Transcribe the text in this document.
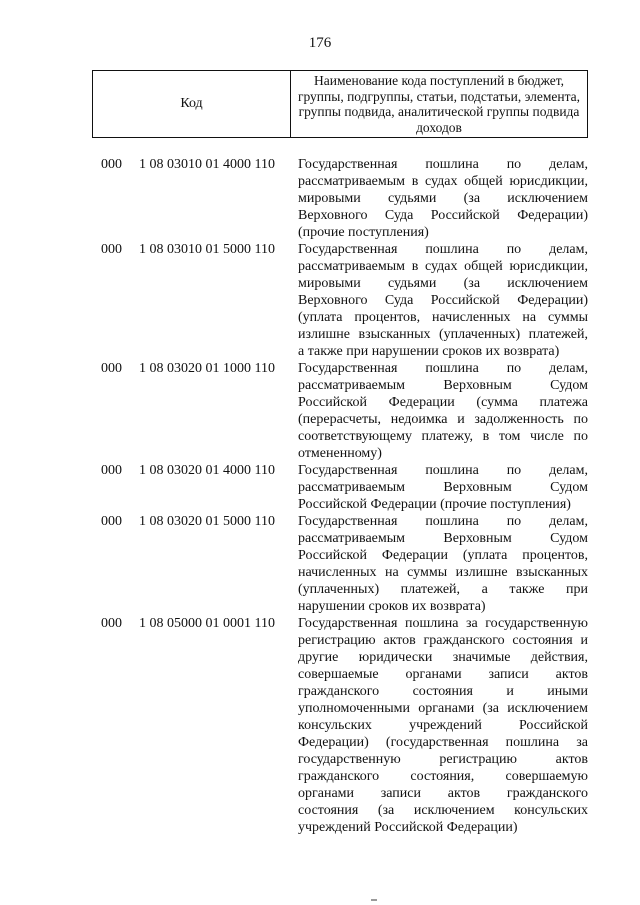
176
Код
Наименование кода поступлений в бюджет, группы, подгруппы, статьи, подстатьи, элемента, группы подвида, аналитической группы подвида доходов
000 1 08 03010 01 4000 110 Государственная пошлина по делам,
рассматриваемым в судах общей юрисдикции,
мировыми судьями (за исключением
Верховного Суда Российской Федерации)
(прочие поступления)
000 1 08 03010 01 5000 110 Государственная пошлина по делам,
рассматриваемым в судах общей юрисдикции,
мировыми судьями (за исключением
Верховного Суда Российской Федерации)
(уплата процентов, начисленных на суммы
излишне взысканных (уплаченных) платежей,
а также при нарушении сроков их возврата)
000 1 08 03020 01 1000 110 Государственная пошлина по делам,
рассматриваемым Верховным Судом
Российской Федерации (сумма платежа
(перерасчеты, недоимка и задолженность по
соответствующему платежу, в том числе по
отмененному)
000 1 08 03020 01 4000 110 Государственная пошлина по делам,
рассматриваемым Верховным Судом
Российской Федерации (прочие поступления)
000 1 08 03020 01 5000 110 Государственная пошлина по делам,
рассматриваемым Верховным Судом
Российской Федерации (уплата процентов,
начисленных на суммы излишне взысканных
(уплаченных) платежей, а также при
нарушении сроков их возврата)
000 1 08 05000 01 0001 110 Государственная пошлина за государственную
регистрацию актов гражданского состояния и
другие юридически значимые действия,
совершаемые органами записи актов
гражданского состояния и иными
уполномоченными органами (за исключением
консульских учреждений Российской
Федерации) (государственная пошлина за
государственную регистрацию актов
гражданского состояния, совершаемую
органами записи актов гражданского
состояния (за исключением консульских
учреждений Российской Федерации)
